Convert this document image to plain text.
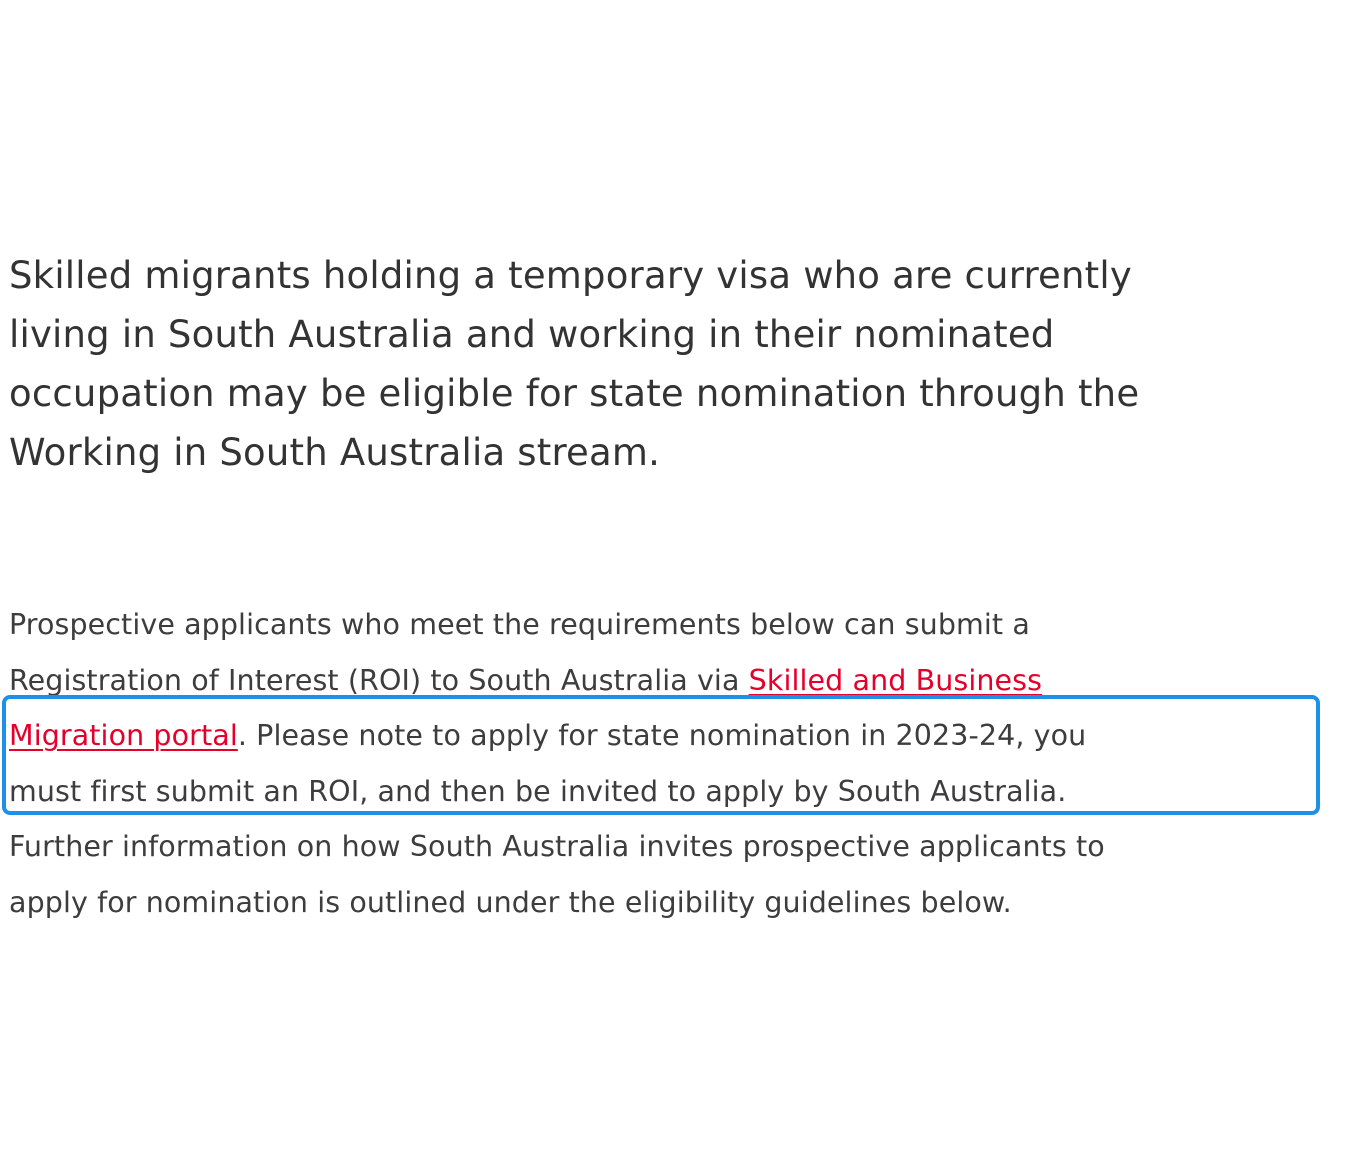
Skilled migrants holding a temporary visa who are currently
living in South Australia and working in their nominated
occupation may be eligible for state nomination through the
Working in South Australia stream.
Prospective applicants who meet the requirements below can submit a
Registration of Interest (ROI) to South Australia via Skilled and Business
Migration portal. Please note to apply for state nomination in 2023-24, you
must first submit an ROI, and then be invited to apply by South Australia.
Further information on how South Australia invites prospective applicants to
apply for nomination is outlined under the eligibility guidelines below.
